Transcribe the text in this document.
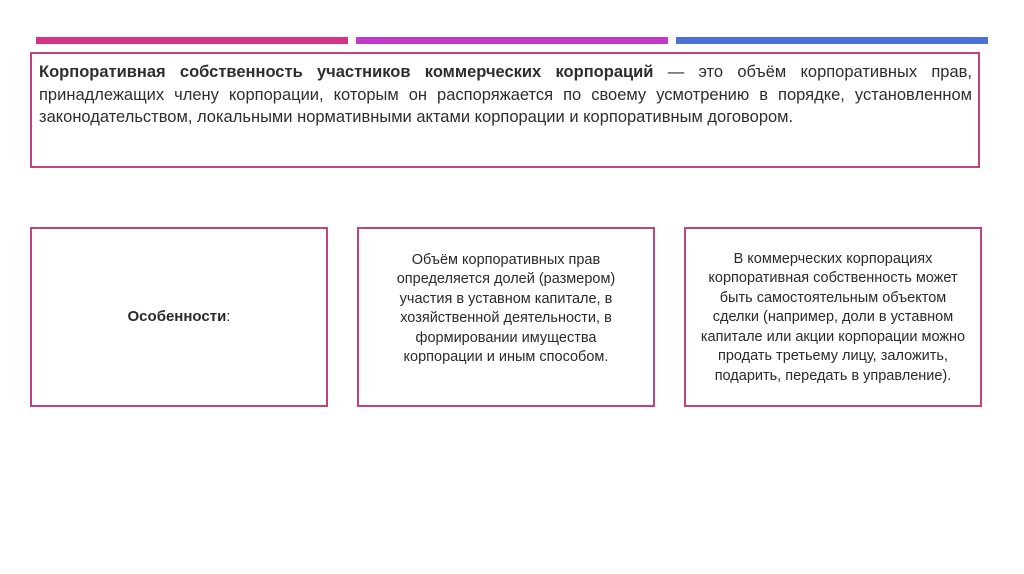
Корпоративная собственность участников коммерческих корпораций — это объём корпоративных прав, принадлежащих члену корпорации, которым он распоряжается по своему усмотрению в порядке, установленном законодательством, локальными нормативными актами корпорации и корпоративным договором.
Особенности:
Объём корпоративных прав определяется долей (размером) участия в уставном капитале, в хозяйственной деятельности, в формировании имущества корпорации и иным способом.
В коммерческих корпорациях корпоративная собственность может быть самостоятельным объектом сделки (например, доли в уставном капитале или акции корпорации можно продать третьему лицу, заложить, подарить, передать в управление).
